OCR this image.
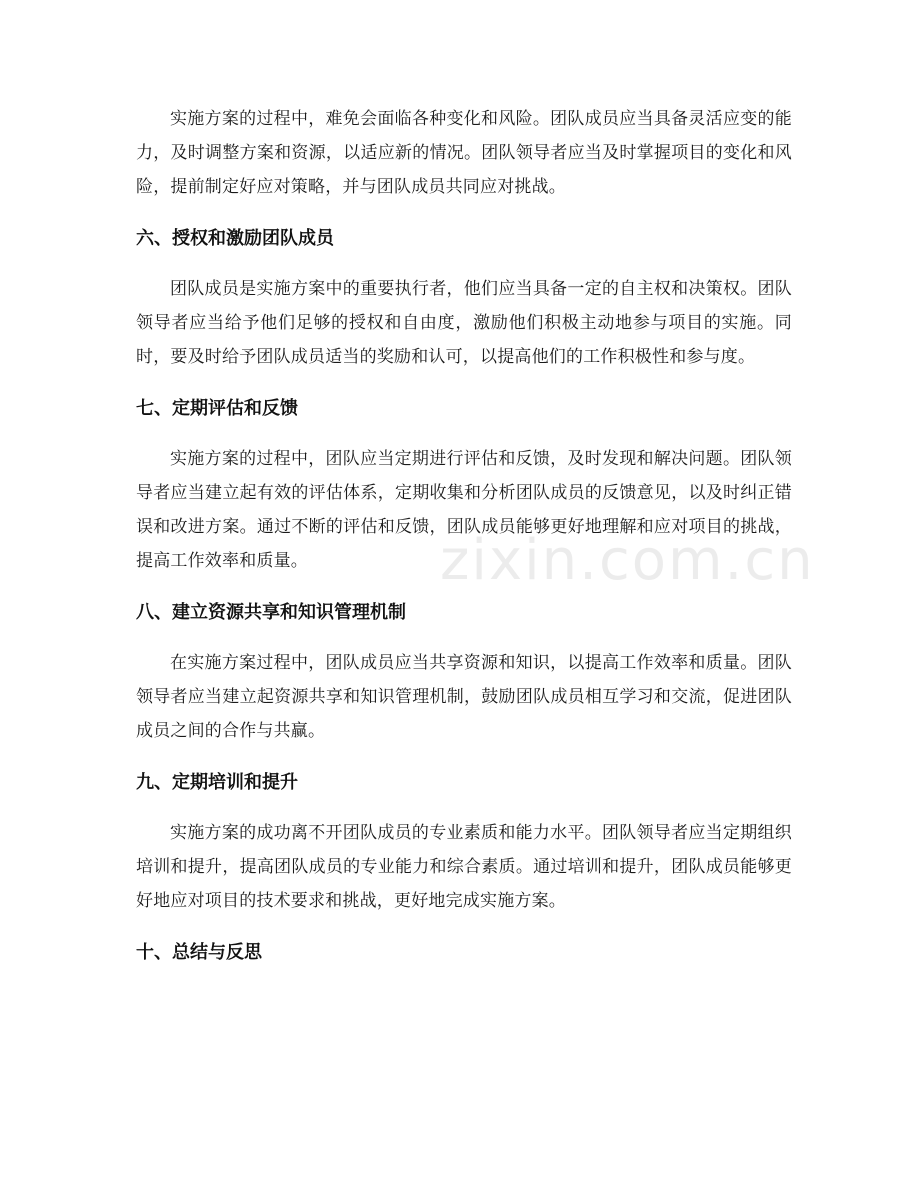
实施方案的过程中，难免会面临各种变化和风险。团队成员应当具备灵活应变的能力，及时调整方案和资源，以适应新的情况。团队领导者应当及时掌握项目的变化和风险，提前制定好应对策略，并与团队成员共同应对挑战。

六、授权和激励团队成员

团队成员是实施方案中的重要执行者，他们应当具备一定的自主权和决策权。团队领导者应当给予他们足够的授权和自由度，激励他们积极主动地参与项目的实施。同时，要及时给予团队成员适当的奖励和认可，以提高他们的工作积极性和参与度。

七、定期评估和反馈

实施方案的过程中，团队应当定期进行评估和反馈，及时发现和解决问题。团队领导者应当建立起有效的评估体系，定期收集和分析团队成员的反馈意见，以及时纠正错误和改进方案。通过不断的评估和反馈，团队成员能够更好地理解和应对项目的挑战，提高工作效率和质量。

八、建立资源共享和知识管理机制

在实施方案过程中，团队成员应当共享资源和知识，以提高工作效率和质量。团队领导者应当建立起资源共享和知识管理机制，鼓励团队成员相互学习和交流，促进团队成员之间的合作与共赢。

九、定期培训和提升

实施方案的成功离不开团队成员的专业素质和能力水平。团队领导者应当定期组织培训和提升，提高团队成员的专业能力和综合素质。通过培训和提升，团队成员能够更好地应对项目的技术要求和挑战，更好地完成实施方案。

十、总结与反思
zixin.com.cn
